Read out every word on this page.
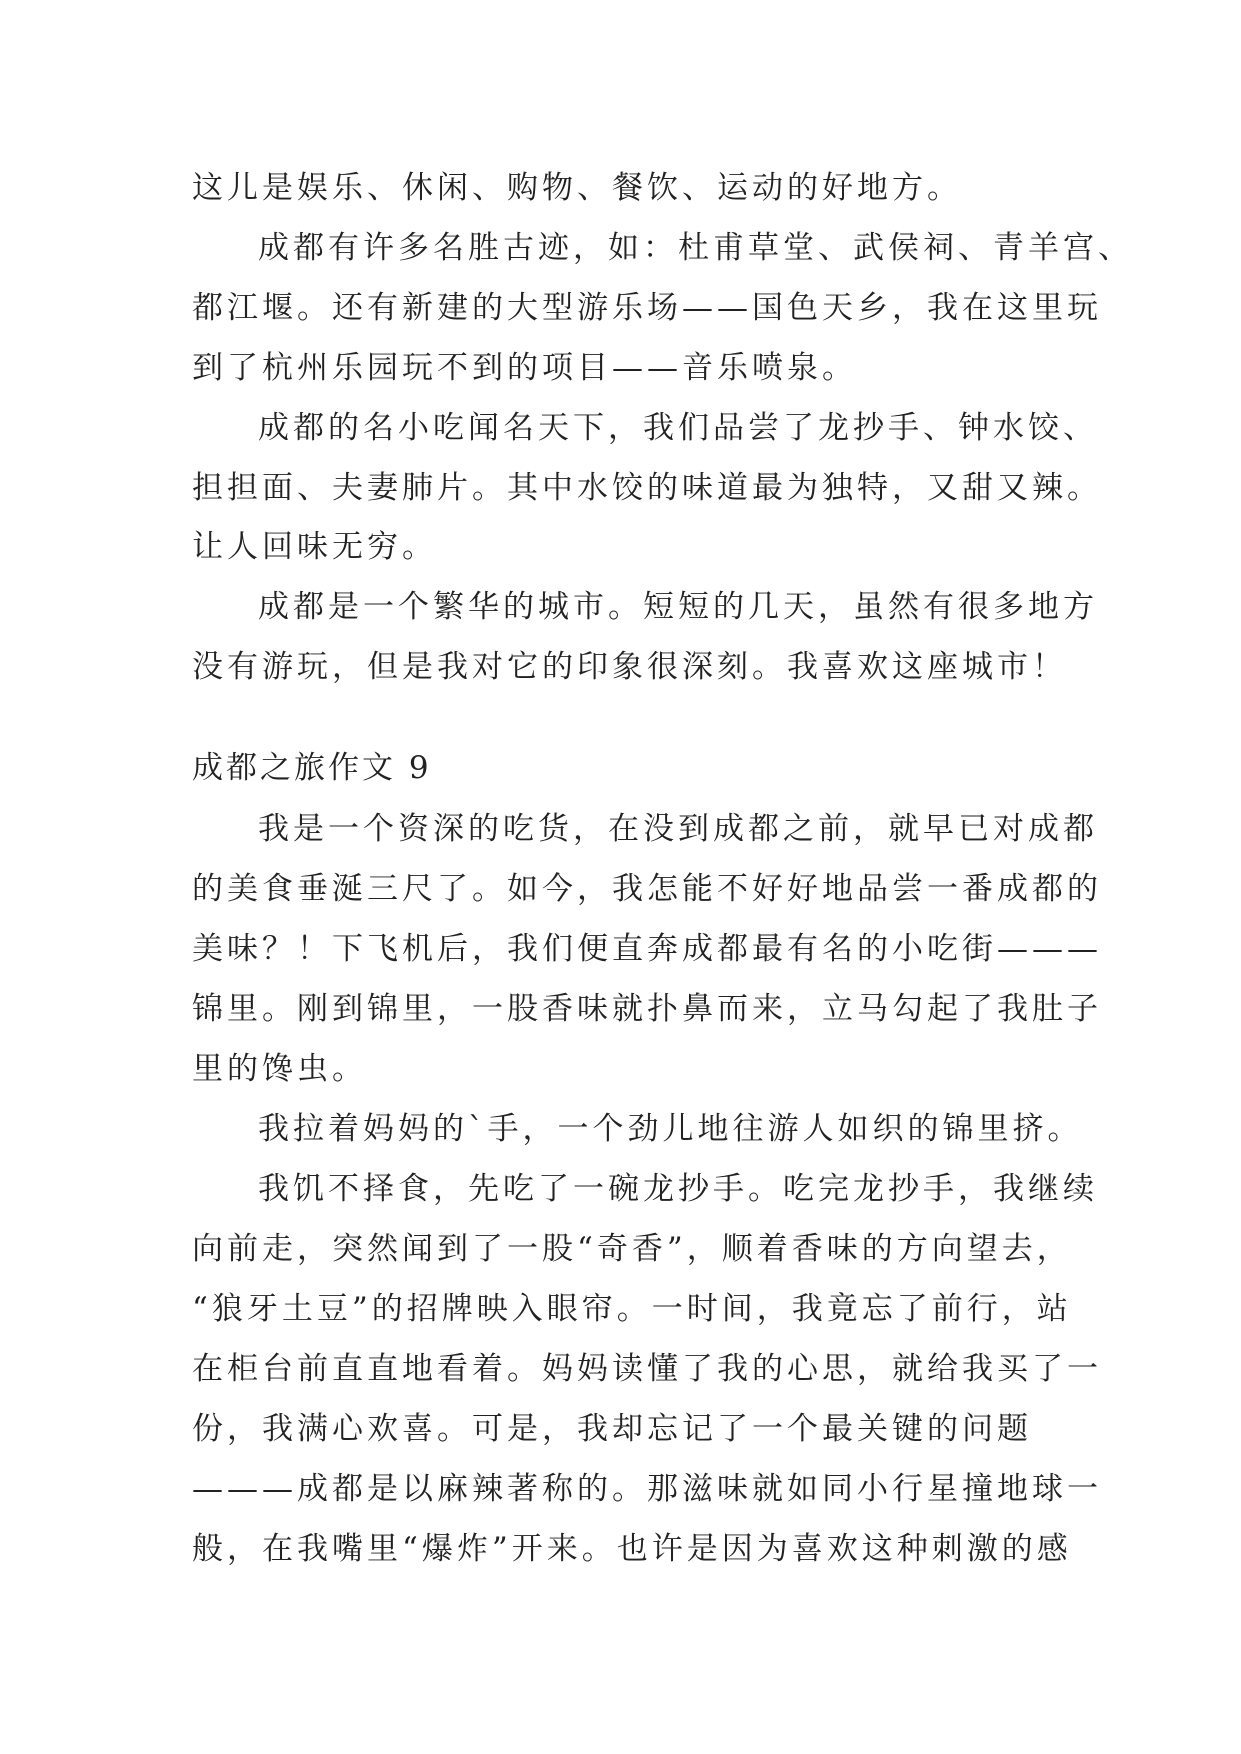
这儿是娱乐、休闲、购物、餐饮、运动的好地方。
成都有许多名胜古迹，如：杜甫草堂、武侯祠、青羊宫、
都江堰。还有新建的大型游乐场——国色天乡，我在这里玩
到了杭州乐园玩不到的项目——音乐喷泉。
成都的名小吃闻名天下，我们品尝了龙抄手、钟水饺、
担担面、夫妻肺片。其中水饺的味道最为独特，又甜又辣。
让人回味无穷。
成都是一个繁华的城市。短短的几天，虽然有很多地方
没有游玩，但是我对它的印象很深刻。我喜欢这座城市！
成都之旅作文 9
我是一个资深的吃货，在没到成都之前，就早已对成都
的美食垂涎三尺了。如今，我怎能不好好地品尝一番成都的
美味？！下飞机后，我们便直奔成都最有名的小吃街———
锦里。刚到锦里，一股香味就扑鼻而来，立马勾起了我肚子
里的馋虫。
我拉着妈妈的`手，一个劲儿地往游人如织的锦里挤。
我饥不择食，先吃了一碗龙抄手。吃完龙抄手，我继续
向前走，突然闻到了一股“奇香”，顺着香味的方向望去，
“狼牙土豆”的招牌映入眼帘。一时间，我竟忘了前行，站
在柜台前直直地看着。妈妈读懂了我的心思，就给我买了一
份，我满心欢喜。可是，我却忘记了一个最关键的问题
———成都是以麻辣著称的。那滋味就如同小行星撞地球一
般，在我嘴里“爆炸”开来。也许是因为喜欢这种刺激的感
